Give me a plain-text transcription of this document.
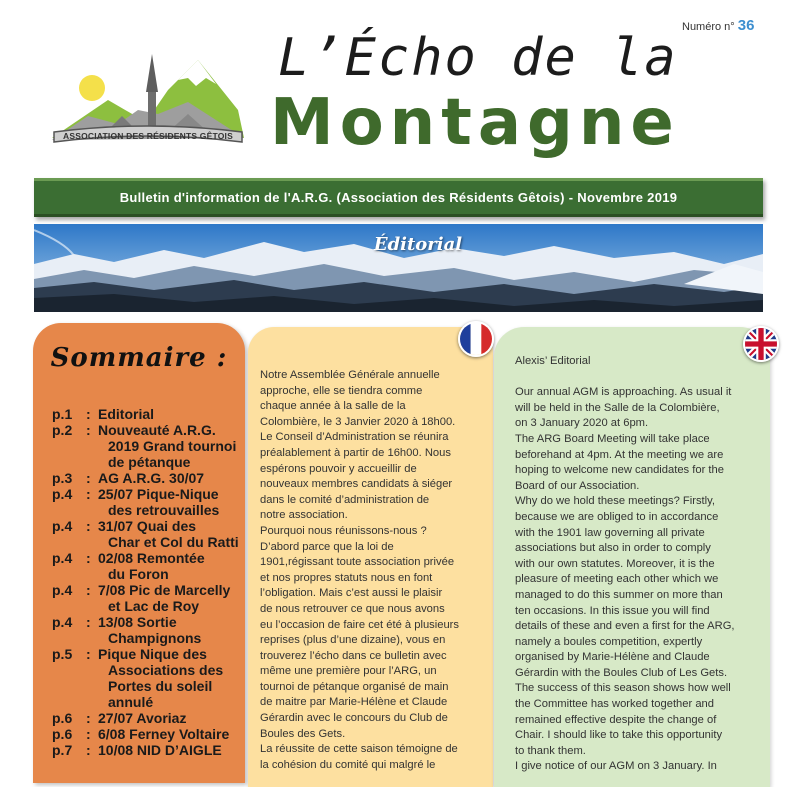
ASSOCIATION DES RÉSIDENTS GÊTOIS
Numéro n° 36
L’Écho de la
Montagne
Bulletin d'information de l'A.R.G. (Association des Résidents Gêtois) - Novembre 2019
Éditorial
Sommaire :
p.1 : Editorial
p.2 : Nouveauté A.R.G.
2019 Grand tournoi
de pétanque
p.3 : AG A.R.G. 30/07
p.4 : 25/07 Pique-Nique
des retrouvailles
p.4 : 31/07 Quai des
Char et Col du Ratti
p.4 : 02/08 Remontée
du Foron
p.4 : 7/08 Pic de Marcelly
et Lac de Roy
p.4 : 13/08 Sortie
Champignons
p.5 : Pique Nique des
Associations des
Portes du soleil
annulé
p.6 : 27/07 Avoriaz
p.6 : 6/08 Ferney Voltaire
p.7 : 10/08 NID D’AIGLE
Notre Assemblée Générale annuelle
approche, elle se tiendra comme
chaque année à la salle de la
Colombière, le 3 Janvier 2020 à 18h00.
Le Conseil d’Administration se réunira
préalablement à partir de 16h00. Nous
espérons pouvoir y accueillir de
nouveaux membres candidats à siéger
dans le comité d’administration de
notre association.
Pourquoi nous réunissons-nous ?
D’abord parce que la loi de
1901,régissant toute association privée
et nos propres statuts nous en font
l’obligation. Mais c’est aussi le plaisir
de nous retrouver ce que nous avons
eu l’occasion de faire cet été à plusieurs
reprises (plus d’une dizaine), vous en
trouverez l’écho dans ce bulletin avec
même une première pour l’ARG, un
tournoi de pétanque organisé de main
de maitre par Marie-Hélène et Claude
Gérardin avec le concours du Club de
Boules des Gets.
La réussite de cette saison témoigne de
la cohésion du comité qui malgré le
Alexis’ Editorial

Our annual AGM is approaching. As usual it
will be held in the Salle de la Colombière,
on 3 January 2020 at 6pm.
The ARG Board Meeting will take place
beforehand at 4pm. At the meeting we are
hoping to welcome new candidates for the
Board of our Association.
Why do we hold these meetings? Firstly,
because we are obliged to in accordance
with the 1901 law governing all private
associations but also in order to comply
with our own statutes. Moreover, it is the
pleasure of meeting each other which we
managed to do this summer on more than
ten occasions. In this issue you will find
details of these and even a first for the ARG,
namely a boules competition, expertly
organised by Marie-Hélène and Claude
Gérardin with the Boules Club of Les Gets.
The success of this season shows how well
the Committee has worked together and
remained effective despite the change of
Chair. I should like to take this opportunity
to thank them.
I give notice of our AGM on 3 January. In
